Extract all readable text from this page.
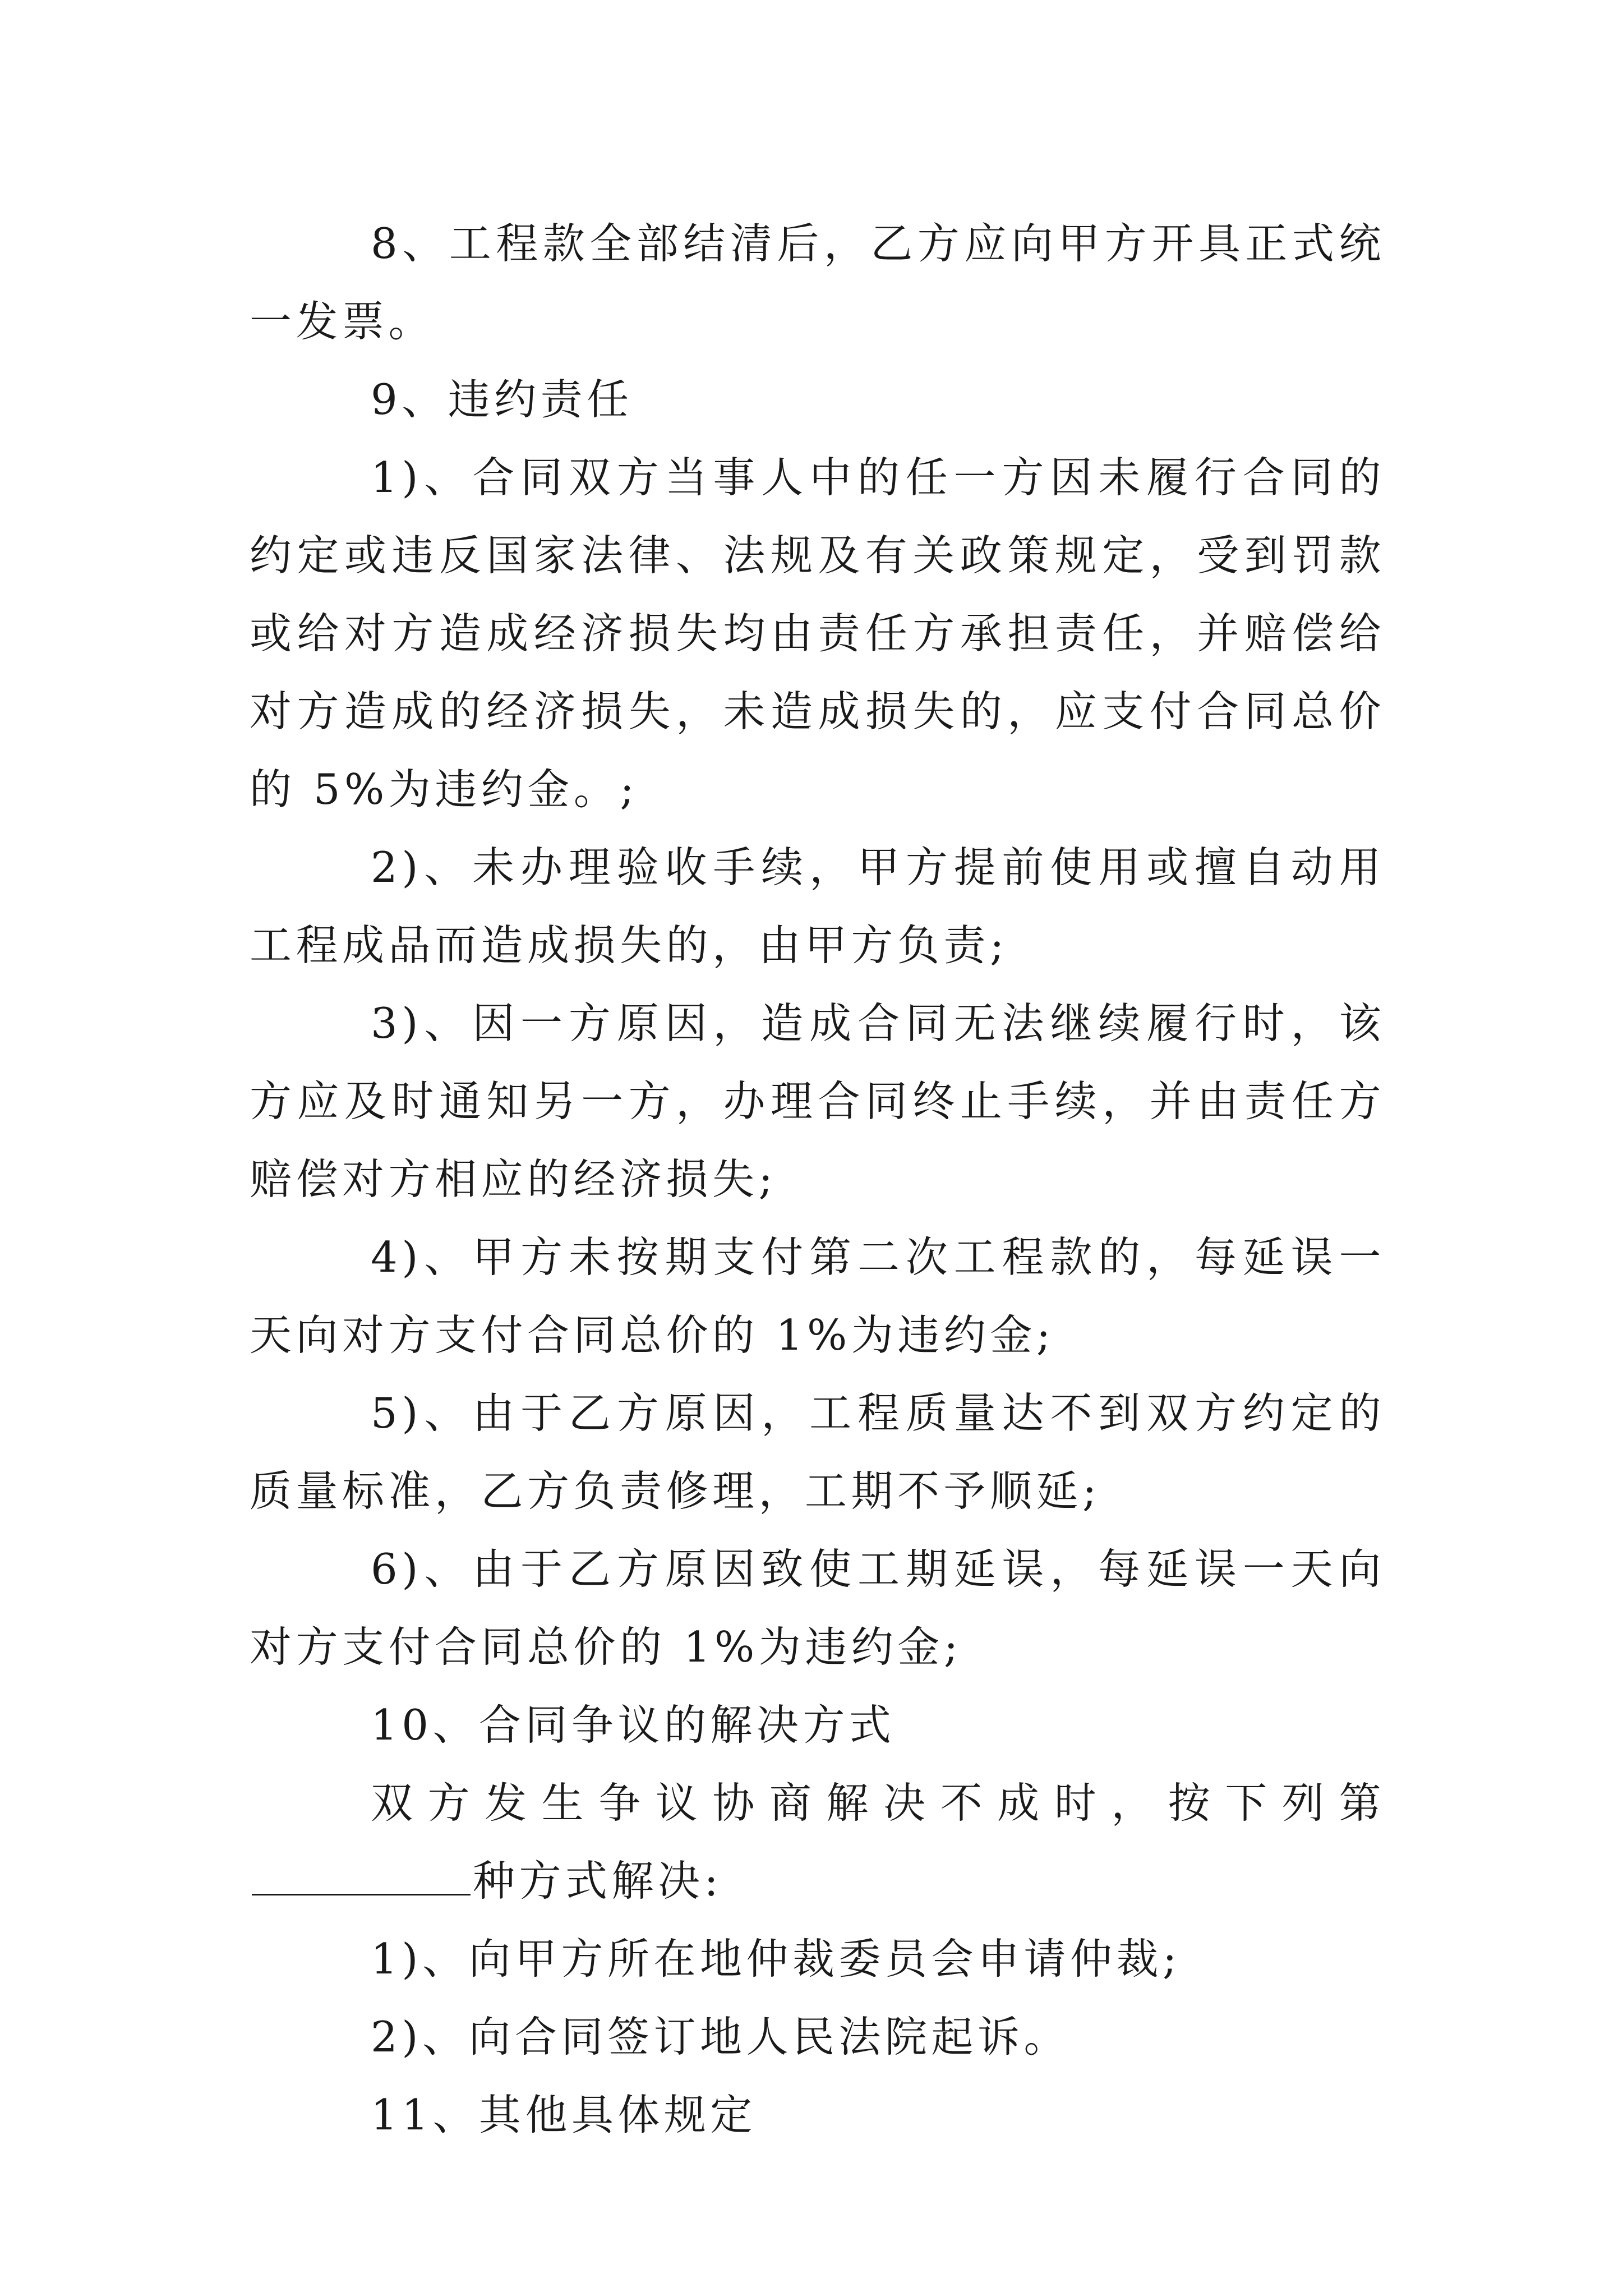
8、工程款全部结清后，乙方应向甲方开具正式统一发票。

9、违约责任

1)、合同双方当事人中的任一方因未履行合同的约定或违反国家法律、法规及有关政策规定，受到罚款或给对方造成经济损失均由责任方承担责任，并赔偿给对方造成的经济损失，未造成损失的，应支付合同总价的 5%为违约金。;

2)、未办理验收手续，甲方提前使用或擅自动用工程成品而造成损失的，由甲方负责;

3)、因一方原因，造成合同无法继续履行时，该方应及时通知另一方，办理合同终止手续，并由责任方赔偿对方相应的经济损失;

4)、甲方未按期支付第二次工程款的，每延误一天向对方支付合同总价的 1%为违约金;

5)、由于乙方原因，工程质量达不到双方约定的质量标准，乙方负责修理，工期不予顺延;

6)、由于乙方原因致使工期延误，每延误一天向对方支付合同总价的 1%为违约金;

10、合同争议的解决方式

双方发生争议协商解决不成时，按下列第种方式解决:

1)、向甲方所在地仲裁委员会申请仲裁;

2)、向合同签订地人民法院起诉。

11、其他具体规定
